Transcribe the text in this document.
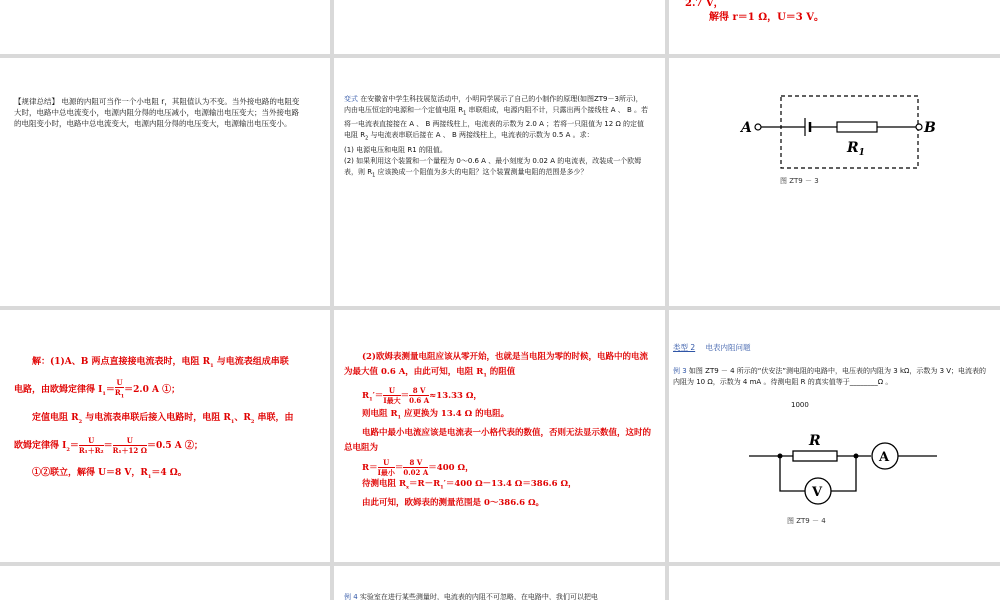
2.7 V，
解得 r＝1 Ω，U＝3 V。
【规律总结】 电源的内阻可当作一个小电阻 r，其阻值认为不变。当外接电路的电阻变大时，电路中总电流变小，电源内阻分得的电压减小，电源输出电压变大；当外接电路的电阻变小时，电路中总电流变大，电源内阻分得的电压变大，电源输出电压变小。
变式 在安徽省中学生科技展览活动中，小明同学展示了自己的小制作的原理(如图ZT9－3所示)，内由电压恒定的电源和一个定值电阻 $R_1$ 串联组成，电源内阻不计，只露出两个接线柱 A 、 B 。若将一电流表直接接在 A 、 B 两接线柱上，电流表的示数为 2.0 A ；若将一只阻值为 12 Ω 的定值电阻 $R_2$ 与电流表串联后接在 A 、 B 两接线柱上，电流表的示数为 0.5 A 。求：
(1) 电源电压和电阻 R1 的阻值。
(2) 如果利用这个装置和一个量程为 0～0.6 A 、最小刻度为 0.02 A 的电流表，改装成一个欧姆表，则 $R_1$ 应该换成一个阻值为多大的电阻？这个装置测量电阻的范围是多少？
A	B
$R_1$
图 ZT9 － 3
解：(1)A、B 两点直接接电流表时，电阻 $R_1$ 与电流表组成串联
电路，由欧姆定律得 $I_1= \frac{U}{R_1} =2.0$ A ①；
定值电阻 $R_2$ 与电流表串联后接入电路时，电阻 $R_1$、$R_2$ 串联，由
欧姆定律得 $I_2= \frac{U}{\text{R₁＋R₂}} = \frac{U}{\text{R₁＋12 Ω}} =0.5$ A ②；
①②联立，解得 U＝8 V，$R_1=4$ Ω。
(2)欧姆表测量电阻应该从零开始，也就是当电阻为零的时候，电路中的电流为最大值 0.6 A，由此可知，电阻 $R_1$ 的阻值
$R_1'=$
U
I最大 ＝ $\frac{8 V}{0.6 A} \approx 13.33$ Ω，
则电阻 $R_1$ 应更换为 13.4 Ω 的电阻。
电路中最小电流应该是电流表一小格代表的数值，否则无法显示数值，这时的总电阻为
R＝
U
I最小 ＝ $\frac{8 V}{0.02 A} =400$ Ω，
待测电阻 $R_x=R-R_1'=400$ Ω－13.4 Ω＝386.6 Ω，
由此可知，欧姆表的测量范围是 0～386.6 Ω。
类型 2 电表内阻问题
例 3 如图 ZT9 － 4 所示的“伏安法”测电阻的电路中，电压表的内阻为 3 kΩ，示数为 3 V；电流表的内阻为 10 Ω，示数为 4 mA 。待测电阻 R 的真实值等于________Ω 。
1000
R
A
V
图 ZT9 － 4
例 4 实验室在进行某些测量时，电流表的内阻不可忽略，在电路中，我们可以把电
